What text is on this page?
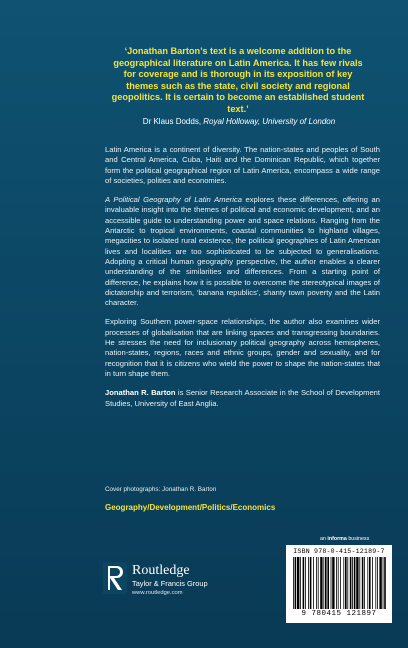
‘Jonathan Barton’s text is a welcome addition to the geographical literature on Latin America. It has few rivals for coverage and is thorough in its exposition of key themes such as the state, civil society and regional geopolitics. It is certain to become an established student text.’
Dr Klaus Dodds, Royal Holloway, University of London

Latin America is a continent of diversity. The nation-states and peoples of South and Central America, Cuba, Haiti and the Dominican Republic, which together form the political geographical region of Latin America, encompass a wide range of societies, polities and economies.

A Political Geography of Latin America explores these differences, offering an invaluable insight into the themes of political and economic development, and an accessible guide to understanding power and space relations. Ranging from the Antarctic to tropical environments, coastal communities to highland villages, megacities to isolated rural existence, the political geographies of Latin American lives and localities are too sophisticated to be subjected to generalisations. Adopting a critical human geography perspective, the author enables a clearer understanding of the similarities and differences. From a starting point of difference, he explains how it is possible to overcome the stereotypical images of dictatorship and terrorism, ‘banana republics’, shanty town poverty and the Latin character.

Exploring Southern power-space relationships, the author also examines wider processes of globalisation that are linking spaces and transgressing boundaries. He stresses the need for inclusionary political geography across hemispheres, nation-states, regions, races and ethnic groups, gender and sexuality, and for recognition that it is citizens who wield the power to shape the nation-states that in turn shape them.

Jonathan R. Barton is Senior Research Associate in the School of Development Studies, University of East Anglia.

Cover photographs: Jonathan R. Barton
Geography/Development/Politics/Economics
an informa business
ISBN 978-0-415-12189-7
9 780415 121897
Routledge
Taylor & Francis Group
www.routledge.com
